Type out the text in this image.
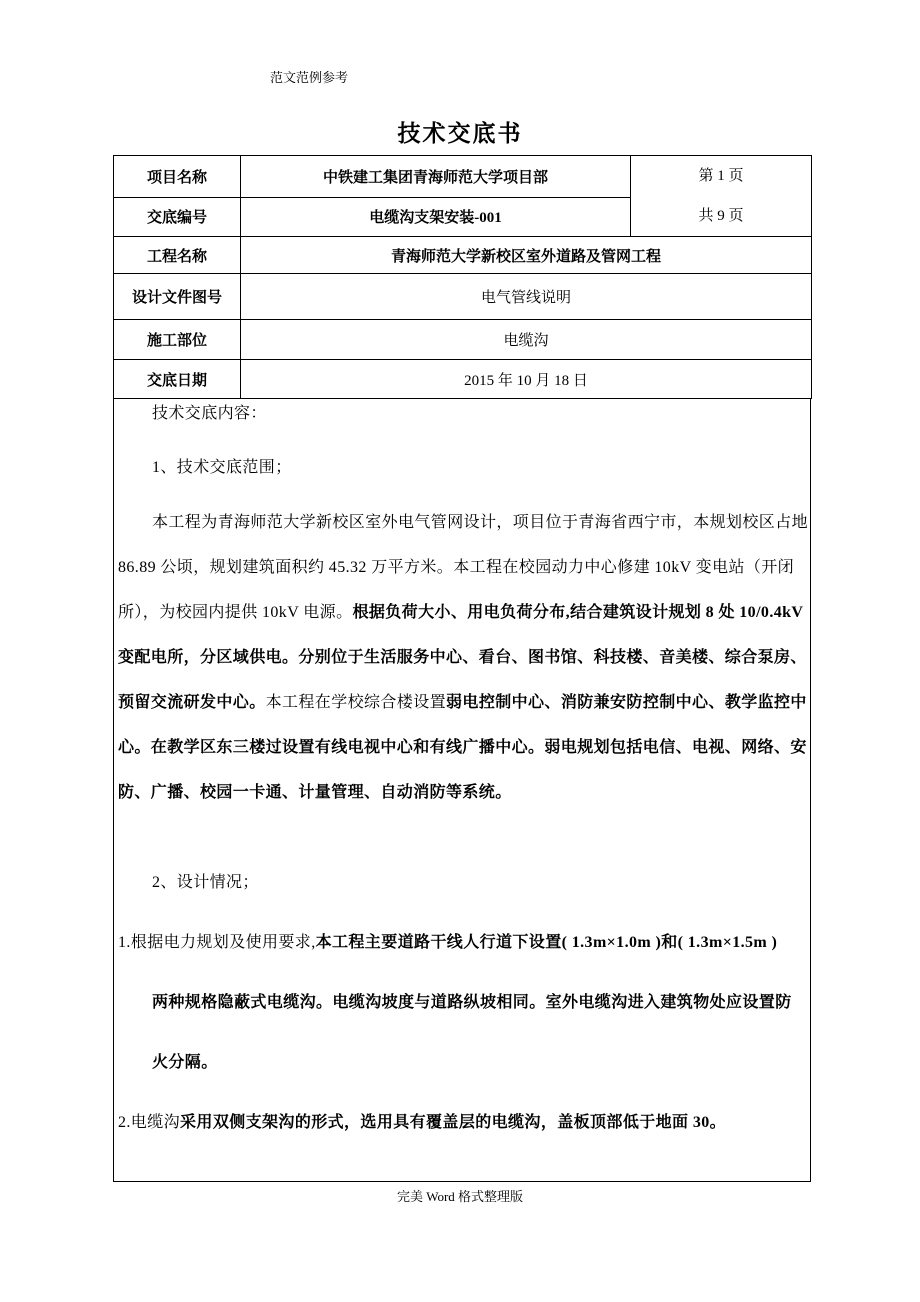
范文范例参考
技术交底书
项目名称	中铁建工集团青海师范大学项目部	第 1 页
共 9 页

交底编号	电缆沟支架安装-001	
工程名称	青海师范大学新校区室外道路及管网工程	
设计文件图号	电气管线说明	
施工部位	电缆沟	
交底日期	2015 年 10 月 18 日	
技术交底内容：
1、技术交底范围；
本工程为青海师范大学新校区室外电气管网设计，项目位于青海省西宁市，本规划校区占地
86.89 公顷，规划建筑面积约 45.32 万平方米。本工程在校园动力中心修建 10kV 变电站（开闭
所），为校园内提供 10kV 电源。根据负荷大小、用电负荷分布,结合建筑设计规划 8 处 10/0.4kV
变配电所，分区域供电。分别位于生活服务中心、看台、图书馆、科技楼、音美楼、综合泵房、
预留交流研发中心。本工程在学校综合楼设置弱电控制中心、消防兼安防控制中心、教学监控中
心。在教学区东三楼过设置有线电视中心和有线广播中心。弱电规划包括电信、电视、网络、安
防、广播、校园一卡通、计量管理、自动消防等系统。
2、设计情况；
1.根据电力规划及使用要求,本工程主要道路干线人行道下设置( 1.3m×1.0m )和( 1.3m×1.5m )
两种规格隐蔽式电缆沟。电缆沟坡度与道路纵坡相同。室外电缆沟进入建筑物处应设置防
火分隔。
2.电缆沟采用双侧支架沟的形式，选用具有覆盖层的电缆沟，盖板顶部低于地面 30。
完美 Word 格式整理版
